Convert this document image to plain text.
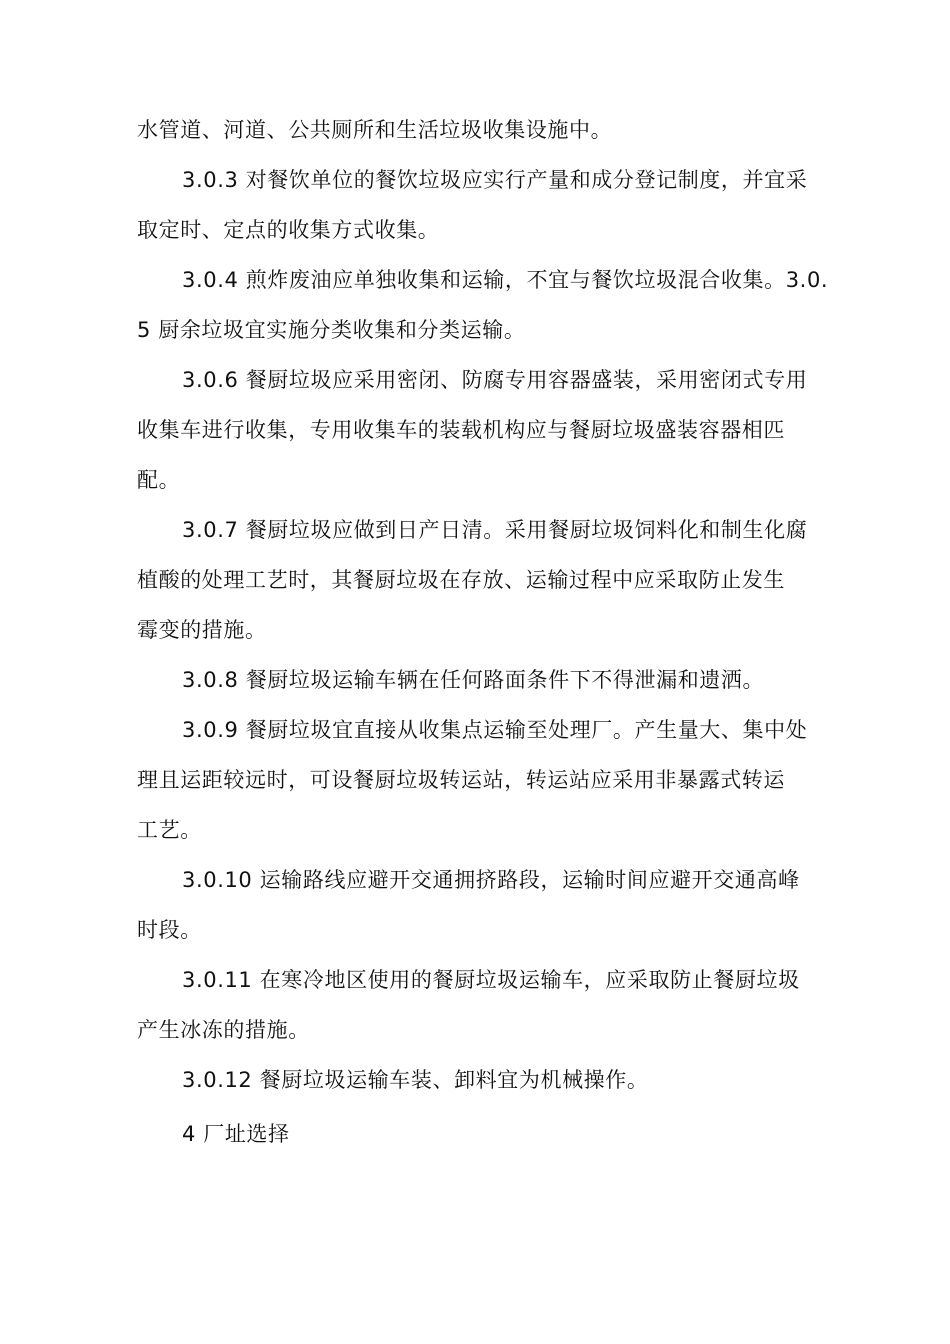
水管道、河道、公共厕所和生活垃圾收集设施中。
3.0.3 对餐饮单位的餐饮垃圾应实行产量和成分登记制度，并宜采
取定时、定点的收集方式收集。
3.0.4 煎炸废油应单独收集和运输，不宜与餐饮垃圾混合收集。3.0.
5 厨余垃圾宜实施分类收集和分类运输。
3.0.6 餐厨垃圾应采用密闭、防腐专用容器盛装，采用密闭式专用
收集车进行收集，专用收集车的装载机构应与餐厨垃圾盛装容器相匹
配。
3.0.7 餐厨垃圾应做到日产日清。采用餐厨垃圾饲料化和制生化腐
植酸的处理工艺时，其餐厨垃圾在存放、运输过程中应采取防止发生
霉变的措施。
3.0.8 餐厨垃圾运输车辆在任何路面条件下不得泄漏和遗洒。
3.0.9 餐厨垃圾宜直接从收集点运输至处理厂。产生量大、集中处
理且运距较远时，可设餐厨垃圾转运站，转运站应采用非暴露式转运
工艺。
3.0.10 运输路线应避开交通拥挤路段，运输时间应避开交通高峰
时段。
3.0.11 在寒冷地区使用的餐厨垃圾运输车，应采取防止餐厨垃圾
产生冰冻的措施。
3.0.12 餐厨垃圾运输车装、卸料宜为机械操作。
4 厂址选择
